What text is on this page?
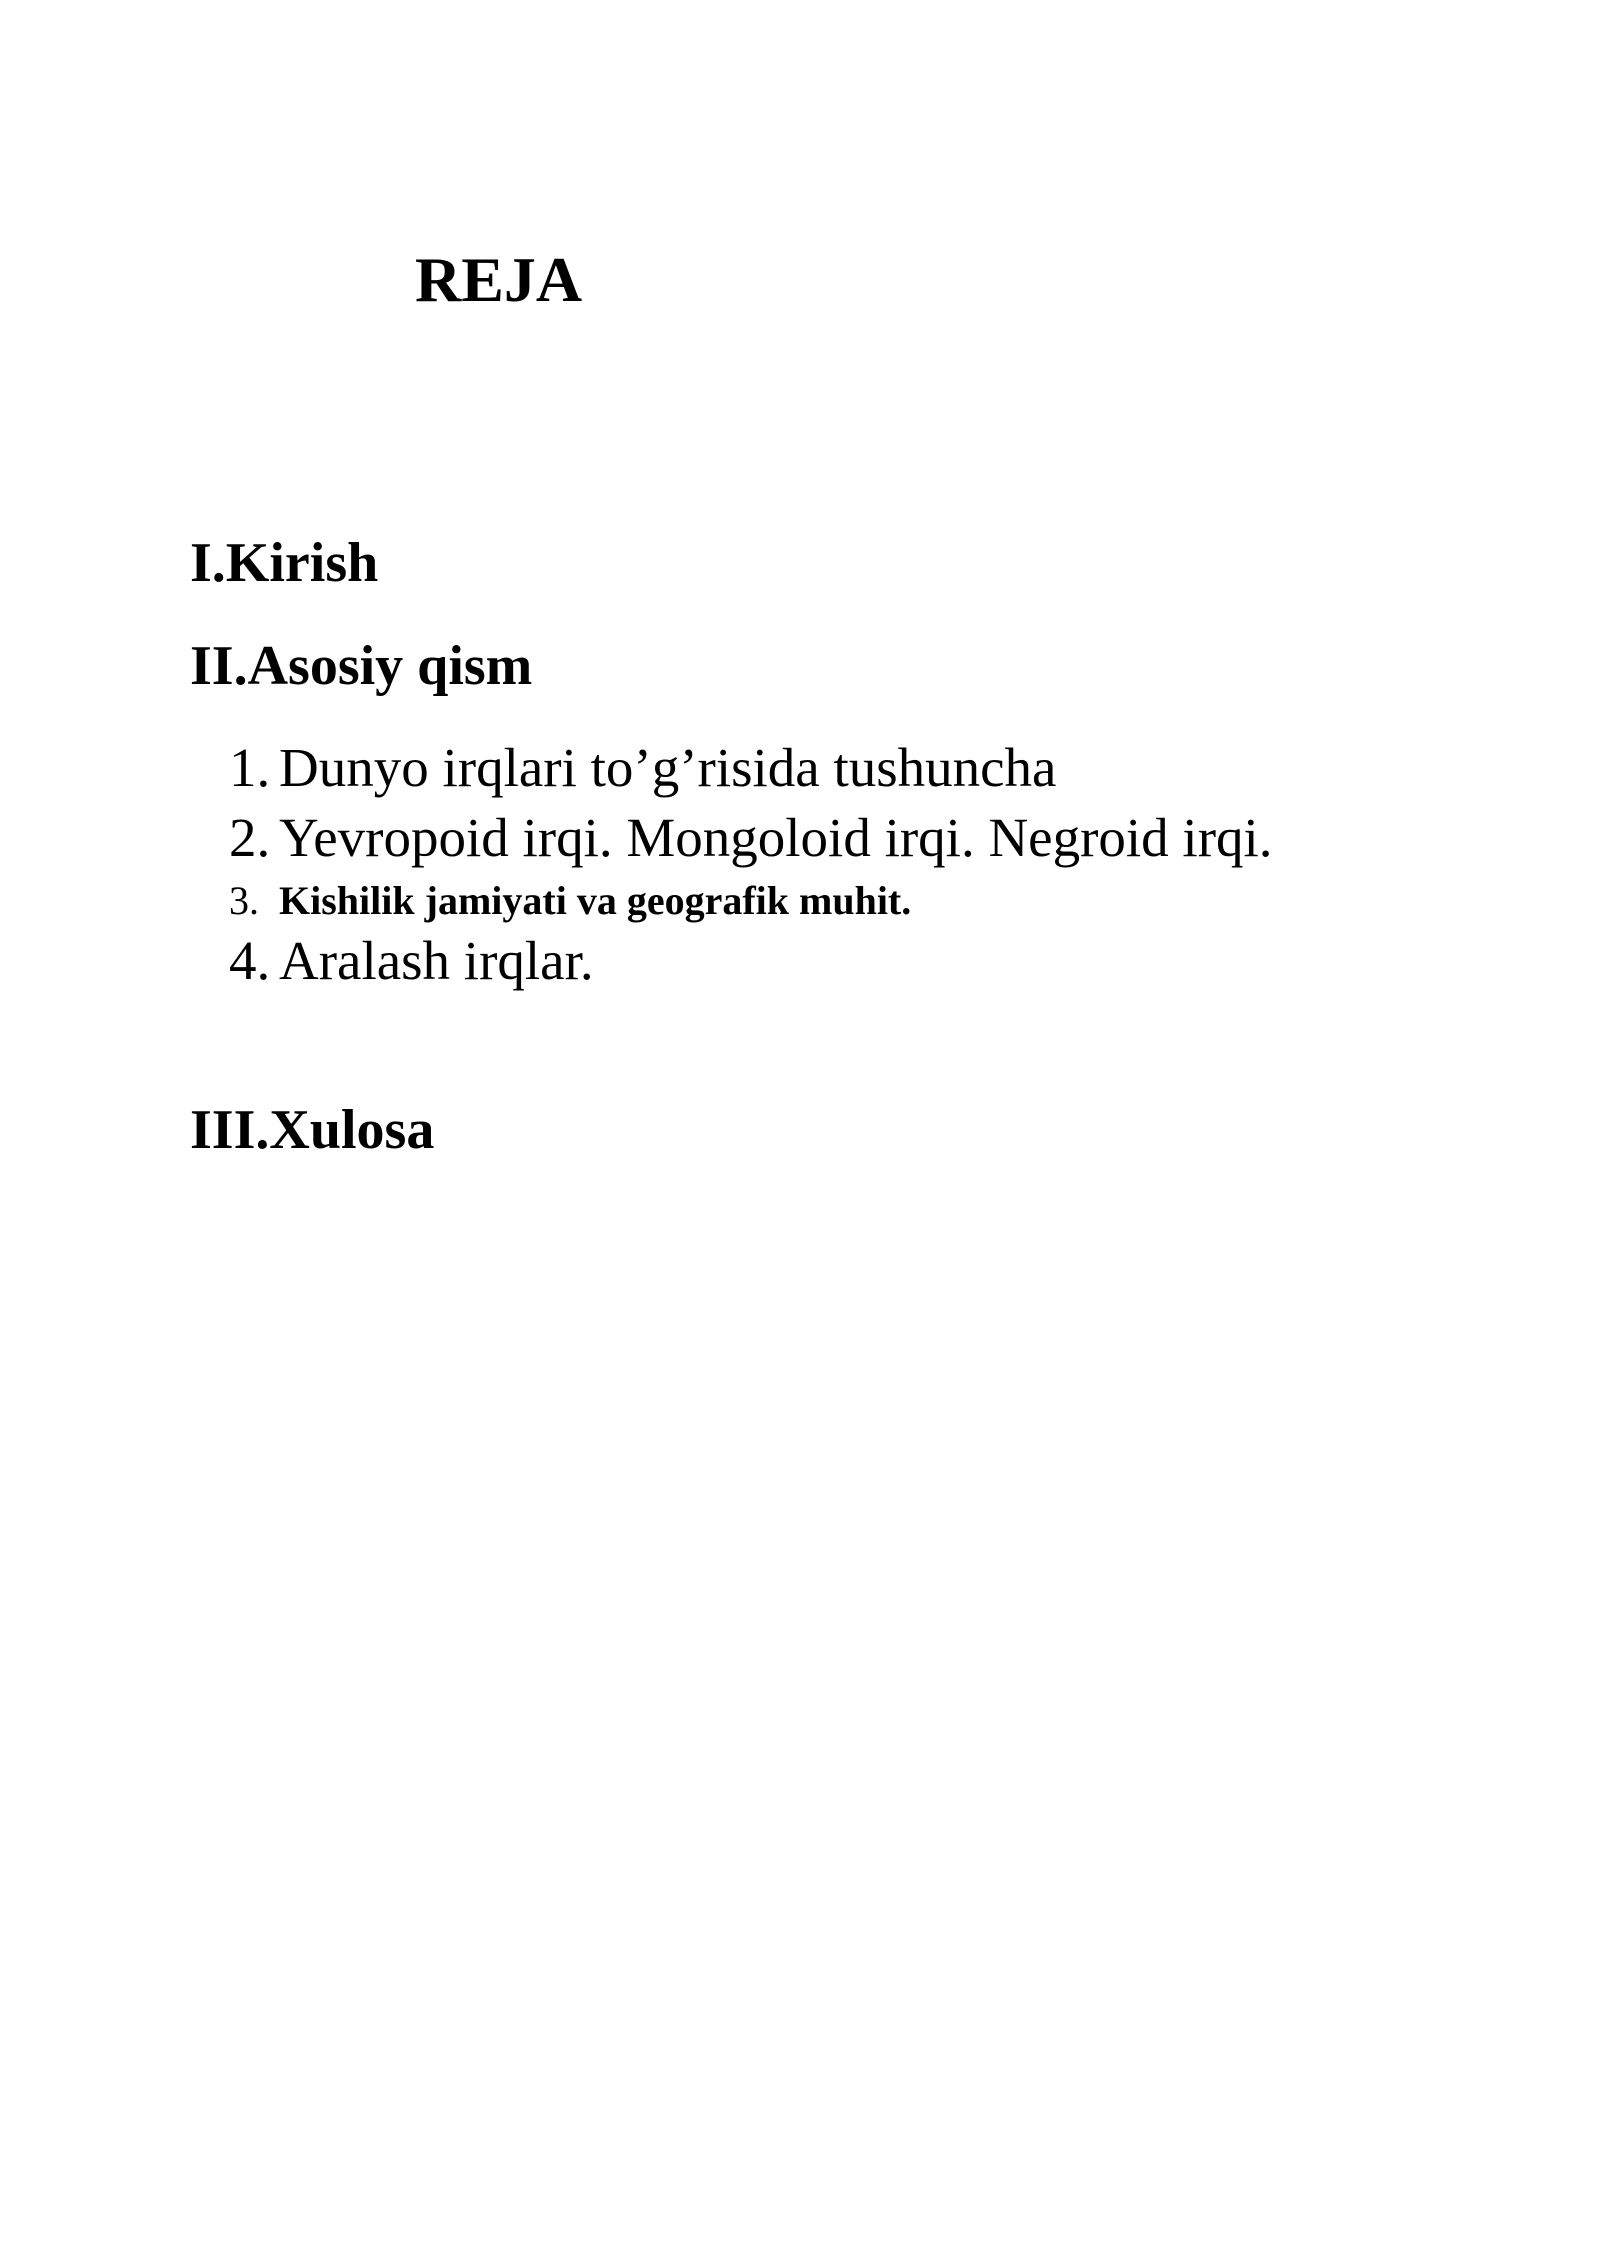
REJA
I.Kirish
II.Asosiy qism
1. Dunyo irqlari to’g’risida tushuncha
2. Yevropoid irqi. Mongoloid irqi. Negroid irqi.
3. Kishilik jamiyati va geografik muhit.
4. Aralash irqlar.
III.Xulosa
